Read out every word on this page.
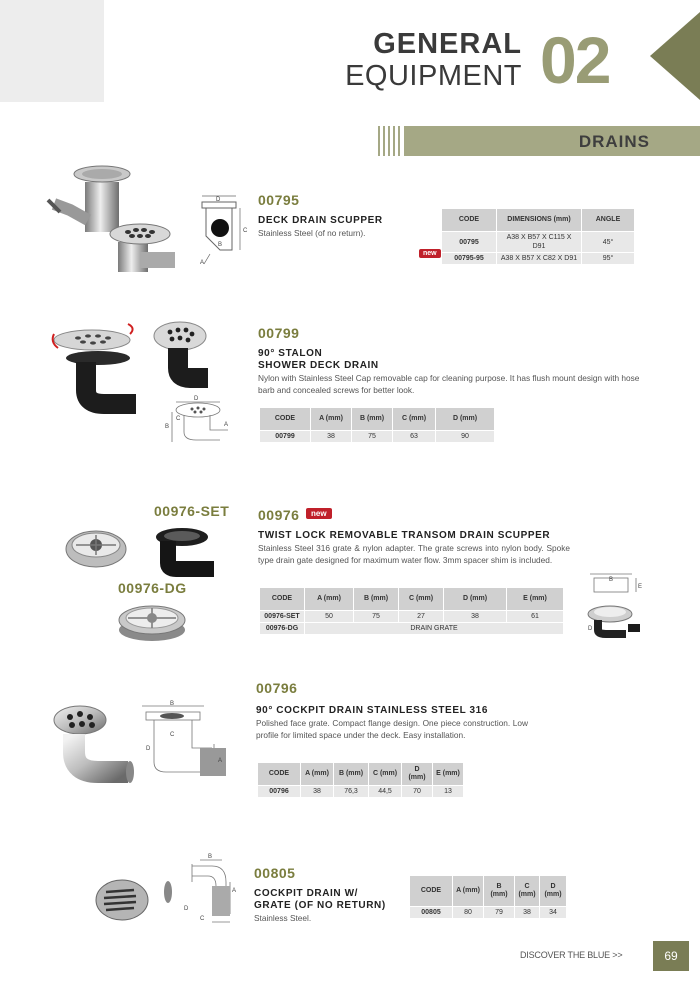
GENERAL
EQUIPMENT 02
DRAINS
D
C
B
A
00795
DECK DRAIN SCUPPER
Stainless Steel (of no return).
new
CODE	DIMENSIONS (mm)	ANGLE
00795	A38 X B57 X C115 X D91	45°
00795-95	A38 X B57 X C82 X D91	95°
D
B
C
A
00799
90° STALON
SHOWER DECK DRAIN
Nylon with Stainless Steel Cap removable cap for cleaning purpose. It has flush mount design with hose barb and concealed screws for better look.
CODE	A (mm)	B (mm)	C (mm)	D (mm)
00799	38	75	63	90
00976-SET
00976-DG
00976	new
TWIST LOCK REMOVABLE TRANSOM DRAIN SCUPPER
Stainless Steel 316 grate & nylon adapter. The grate screws into nylon body. Spoke type drain gate designed for maximum water flow. 3mm spacer shim is included.
CODE	A (mm)	B (mm)	C (mm)	D (mm)	E (mm)
00976-SET	50	75	27	38	61
00976-DG	DRAIN GRATE				
B
E
D
B
C
D
A
00796
90° COCKPIT DRAIN STAINLESS STEEL 316
Polished face grate. Compact flange design. One piece construction. Low profile for limited space under the deck. Easy installation.
CODE	A (mm)	B (mm)	C (mm)	D (mm)	E (mm)
00796	38	76,3	44,5	70	13
B
A
D
C
00805
COCKPIT DRAIN W/
GRATE (OF NO RETURN)
Stainless Steel.
CODE	A (mm)	B (mm)	C (mm)	D (mm)
00805	80	79	38	34
DISCOVER THE BLUE >>	69
